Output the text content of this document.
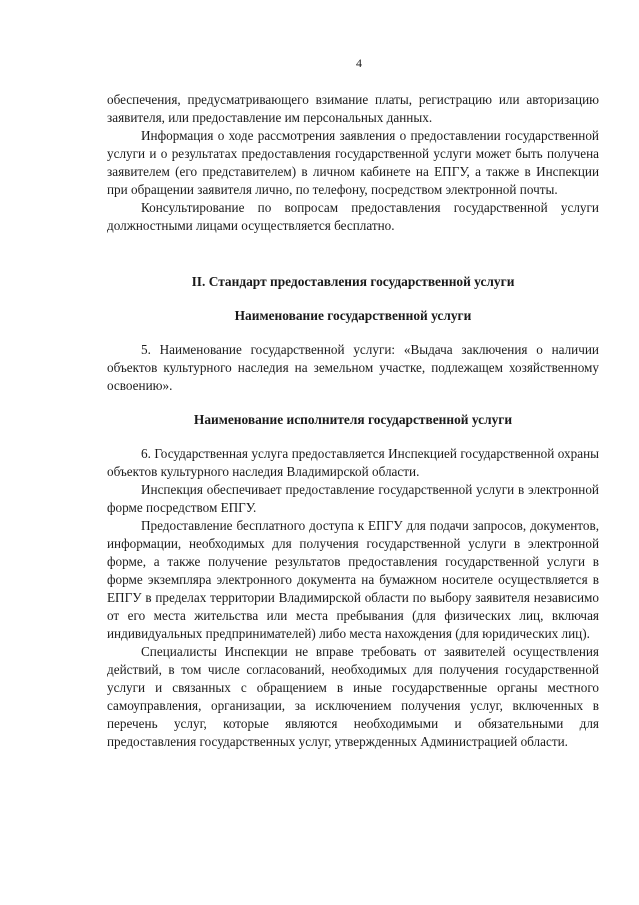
4

обеспечения, предусматривающего взимание платы, регистрацию или авторизацию заявителя, или предоставление им персональных данных.

Информация о ходе рассмотрения заявления о предоставлении государственной услуги и о результатах предоставления государственной услуги может быть получена заявителем (его представителем) в личном кабинете на ЕПГУ, а также в Инспекции при обращении заявителя лично, по телефону, посредством электронной почты.

Консультирование по вопросам предоставления государственной услуги должностными лицами осуществляется бесплатно.

II. Стандарт предоставления государственной услуги
Наименование государственной услуги

5. Наименование государственной услуги: «Выдача заключения о наличии объектов культурного наследия на земельном участке, подлежащем хозяйственному освоению».

Наименование исполнителя государственной услуги

6. Государственная услуга предоставляется Инспекцией государственной охраны объектов культурного наследия Владимирской области.

Инспекция обеспечивает предоставление государственной услуги в электронной форме посредством ЕПГУ.

Предоставление бесплатного доступа к ЕПГУ для подачи запросов, документов, информации, необходимых для получения государственной услуги в электронной форме, а также получение результатов предоставления государственной услуги в форме экземпляра электронного документа на бумажном носителе осуществляется в ЕПГУ в пределах территории Владимирской области по выбору заявителя независимо от его места жительства или места пребывания (для физических лиц, включая индивидуальных предпринимателей) либо места нахождения (для юридических лиц).

Специалисты Инспекции не вправе требовать от заявителей осуществления действий, в том числе согласований, необходимых для получения государственной услуги и связанных с обращением в иные государственные органы местного самоуправления, организации, за исключением получения услуг, включенных в перечень услуг, которые являются необходимыми и обязательными для предоставления государственных услуг, утвержденных Администрацией области.
